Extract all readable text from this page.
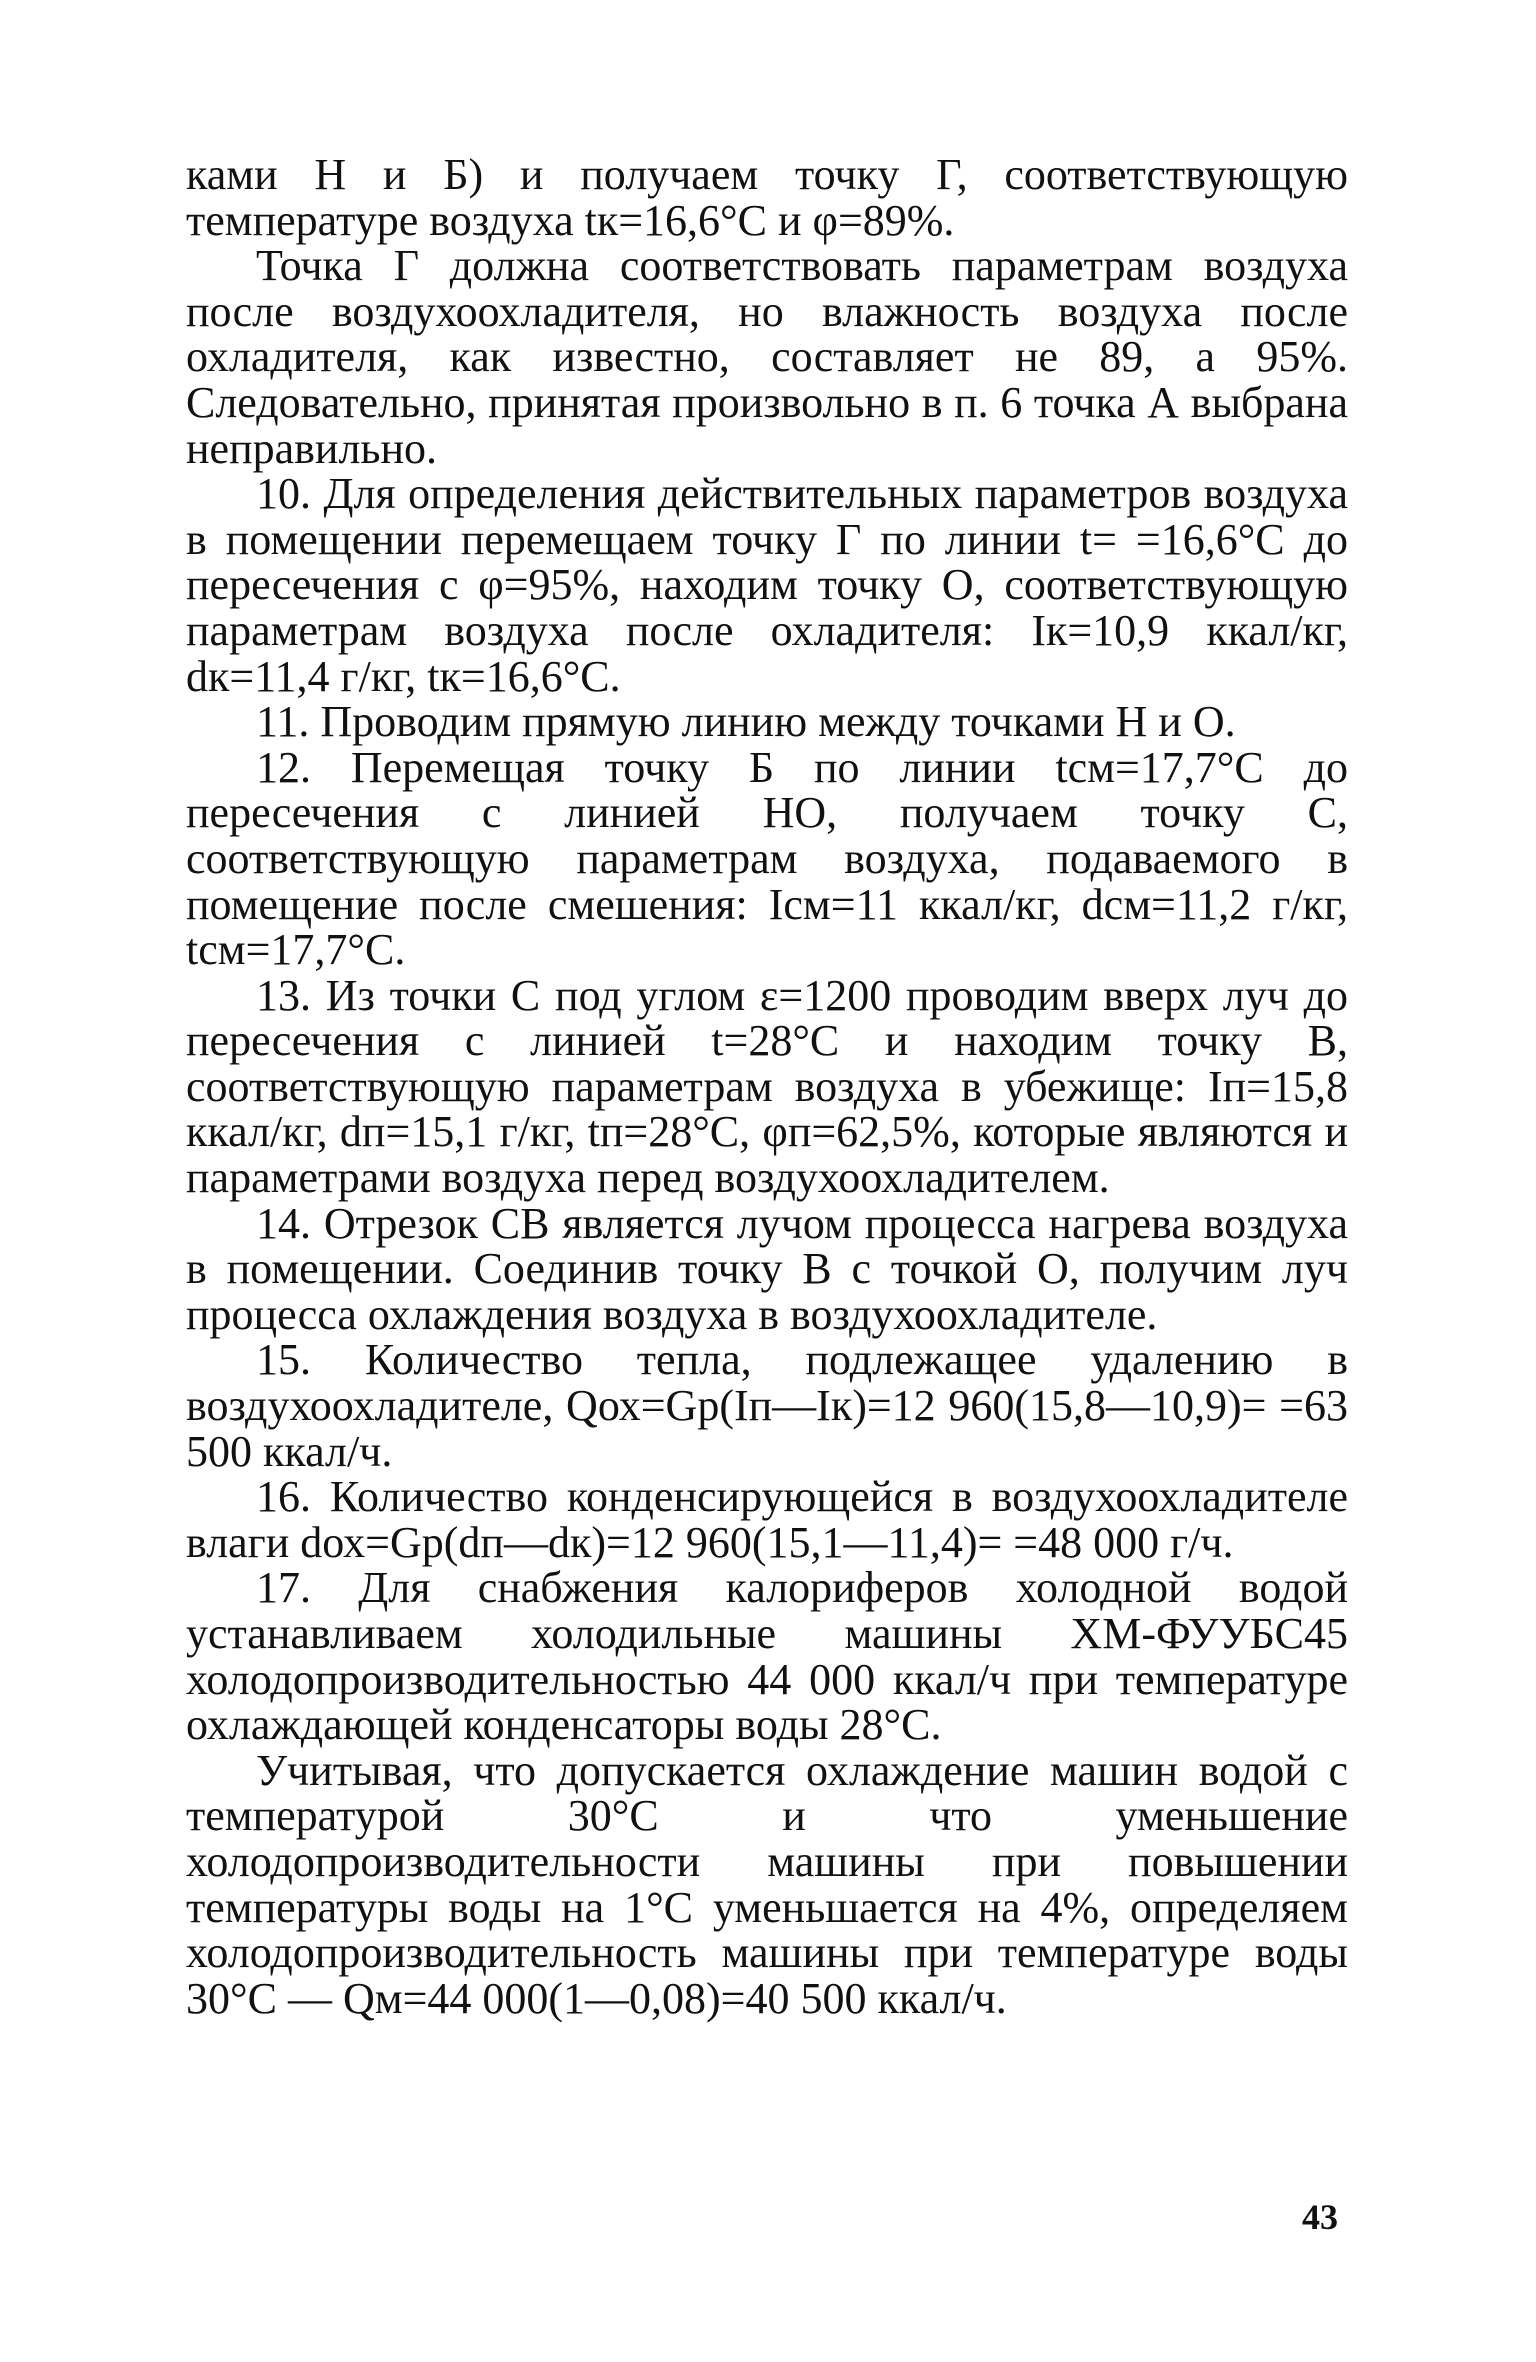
ками Н и Б) и получаем точку Г, соответствующую температуре воздуха tк=16,6°С и φ=89%.

Точка Г должна соответствовать параметрам воздуха после воздухоохладителя, но влажность воздуха после охладителя, как известно, составляет не 89, а 95%. Следовательно, принятая произвольно в п. 6 точка А выбрана неправильно.

10. Для определения действительных параметров воздуха в помещении перемещаем точку Г по линии t= =16,6°С до пересечения с φ=95%, находим точку О, соответствующую параметрам воздуха после охладителя: Iк=10,9 ккал/кг, dк=11,4 г/кг, tк=16,6°С.

11. Проводим прямую линию между точками Н и О.

12. Перемещая точку Б по линии tсм=17,7°С до пересечения с линией НО, получаем точку С, соответствующую параметрам воздуха, подаваемого в помещение после смешения: Iсм=11 ккал/кг, dсм=11,2 г/кг, tсм=17,7°С.

13. Из точки С под углом ε=1200 проводим вверх луч до пересечения с линией t=28°С и находим точку В, соответствующую параметрам воздуха в убежище: Iп=15,8 ккал/кг, dп=15,1 г/кг, tп=28°С, φп=62,5%, которые являются и параметрами воздуха перед воздухоохладителем.

14. Отрезок СВ является лучом процесса нагрева воздуха в помещении. Соединив точку В с точкой О, получим луч процесса охлаждения воздуха в воздухоохладителе.

15. Количество тепла, подлежащее удалению в воздухоохладителе, Qох=Gр(Iп—Iк)=12 960(15,8—10,9)= =63 500 ккал/ч.

16. Количество конденсирующейся в воздухоохладителе влаги dох=Gр(dп—dк)=12 960(15,1—11,4)= =48 000 г/ч.

17. Для снабжения калориферов холодной водой устанавливаем холодильные машины ХМ-ФУУБС45 холодопроизводительностью 44 000 ккал/ч при температуре охлаждающей конденсаторы воды 28°С.

Учитывая, что допускается охлаждение машин водой с температурой 30°С и что уменьшение холодопроизводительности машины при повышении температуры воды на 1°С уменьшается на 4%, определяем холодопроизводительность машины при температуре воды 30°С — Qм=44 000(1—0,08)=40 500 ккал/ч.

43
